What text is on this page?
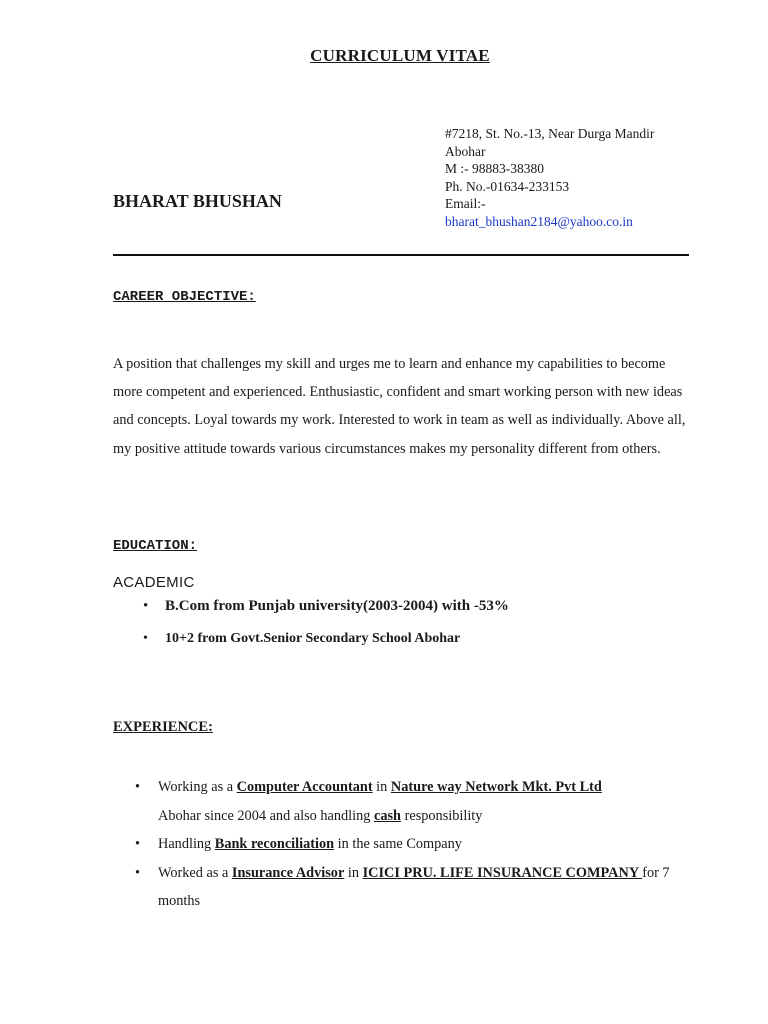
CURRICULUM VITAE
#7218, St. No.-13, Near Durga Mandir
Abohar
M :- 98883-38380
Ph. No.-01634-233153
Email:-
bharat_bhushan2184@yahoo.co.in
BHARAT BHUSHAN
CAREER OBJECTIVE:
A position that challenges my skill and urges me to learn and enhance my capabilities to become more competent and experienced. Enthusiastic, confident and smart working person with new ideas and concepts. Loyal towards my work. Interested to work in team as well as individually. Above all, my positive attitude towards various circumstances makes my personality different from others.
EDUCATION:
ACADEMIC
• B.Com from Punjab university(2003-2004) with -53%
• 10+2 from Govt.Senior Secondary School Abohar
EXPERIENCE:
• Working as a Computer Accountant in Nature way Network Mkt. Pvt Ltd
Abohar since 2004 and also handling cash responsibility
• Handling Bank reconciliation in the same Company
• Worked as a Insurance Advisor in ICICI PRU. LIFE INSURANCE COMPANY for 7 months
